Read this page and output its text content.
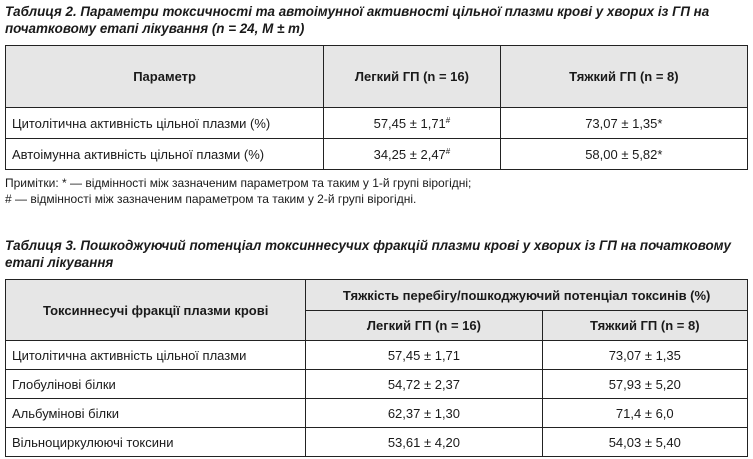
Таблиця 2. Параметри токсичності та автоімунної активності цільної плазми крові у хворих із ГП на початковому етапі лікування (n = 24, M ± m)
Параметр	Легкий ГП (n = 16)	Тяжкий ГП (n = 8)
Цитолітична активність цільної плазми (%)	57,45 ± 1,71#	73,07 ± 1,35*
Автоімунна активність цільної плазми (%)	34,25 ± 2,47#	58,00 ± 5,82*
Примітки: * — відмінності між зазначеним параметром та таким у 1-й групі вірогідні;
# — відмінності між зазначеним параметром та таким у 2-й групі вірогідні.
Таблиця 3. Пошкоджуючий потенціал токсиннесучих фракцій плазми крові у хворих із ГП на початковому етапі лікування
Токсиннесучі фракції плазми крові	Тяжкість перебігу/пошкоджуючий потенціал токсинів (%)	
	Легкий ГП (n = 16)	Тяжкий ГП (n = 8)
Цитолітична активність цільної плазми	57,45 ± 1,71	73,07 ± 1,35
Глобулінові білки	54,72 ± 2,37	57,93 ± 5,20
Альбумінові білки	62,37 ± 1,30	71,4 ± 6,0
Вільноциркулюючі токсини	53,61 ± 4,20	54,03 ± 5,40
